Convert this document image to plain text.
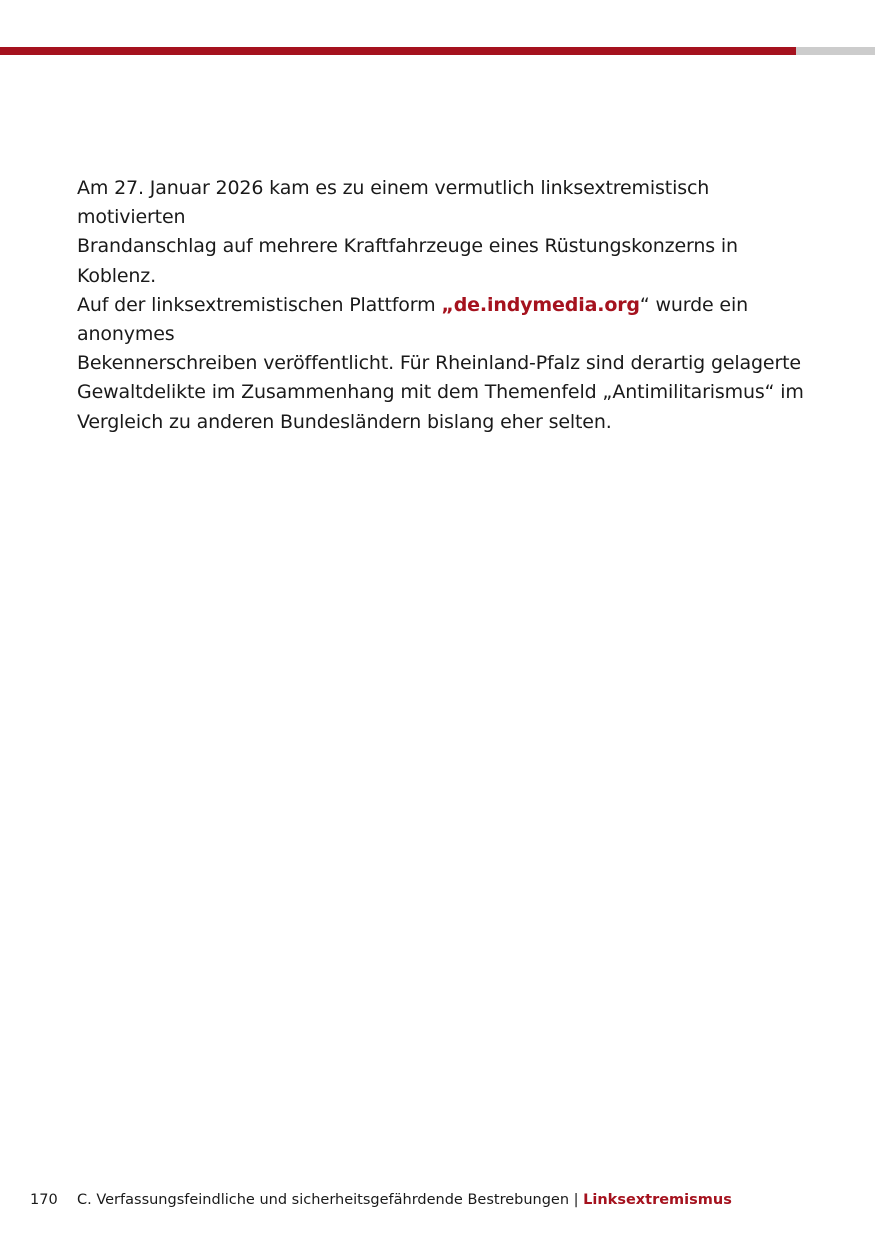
Am 27. Januar 2026 kam es zu einem vermutlich linksextremistisch motivierten
Brandanschlag auf mehrere Kraftfahrzeuge eines Rüstungskonzerns in Koblenz.
Auf der linksextremistischen Plattform „de.indymedia.org“ wurde ein anonymes
Bekennerschreiben veröffentlicht. Für Rheinland-Pfalz sind derartig gelagerte
Gewaltdelikte im Zusammenhang mit dem Themenfeld „Antimilitarismus“ im
Vergleich zu anderen Bundesländern bislang eher selten.

170 C. Verfassungsfeindliche und sicherheitsgefährdende Bestrebungen | Linksextremismus
